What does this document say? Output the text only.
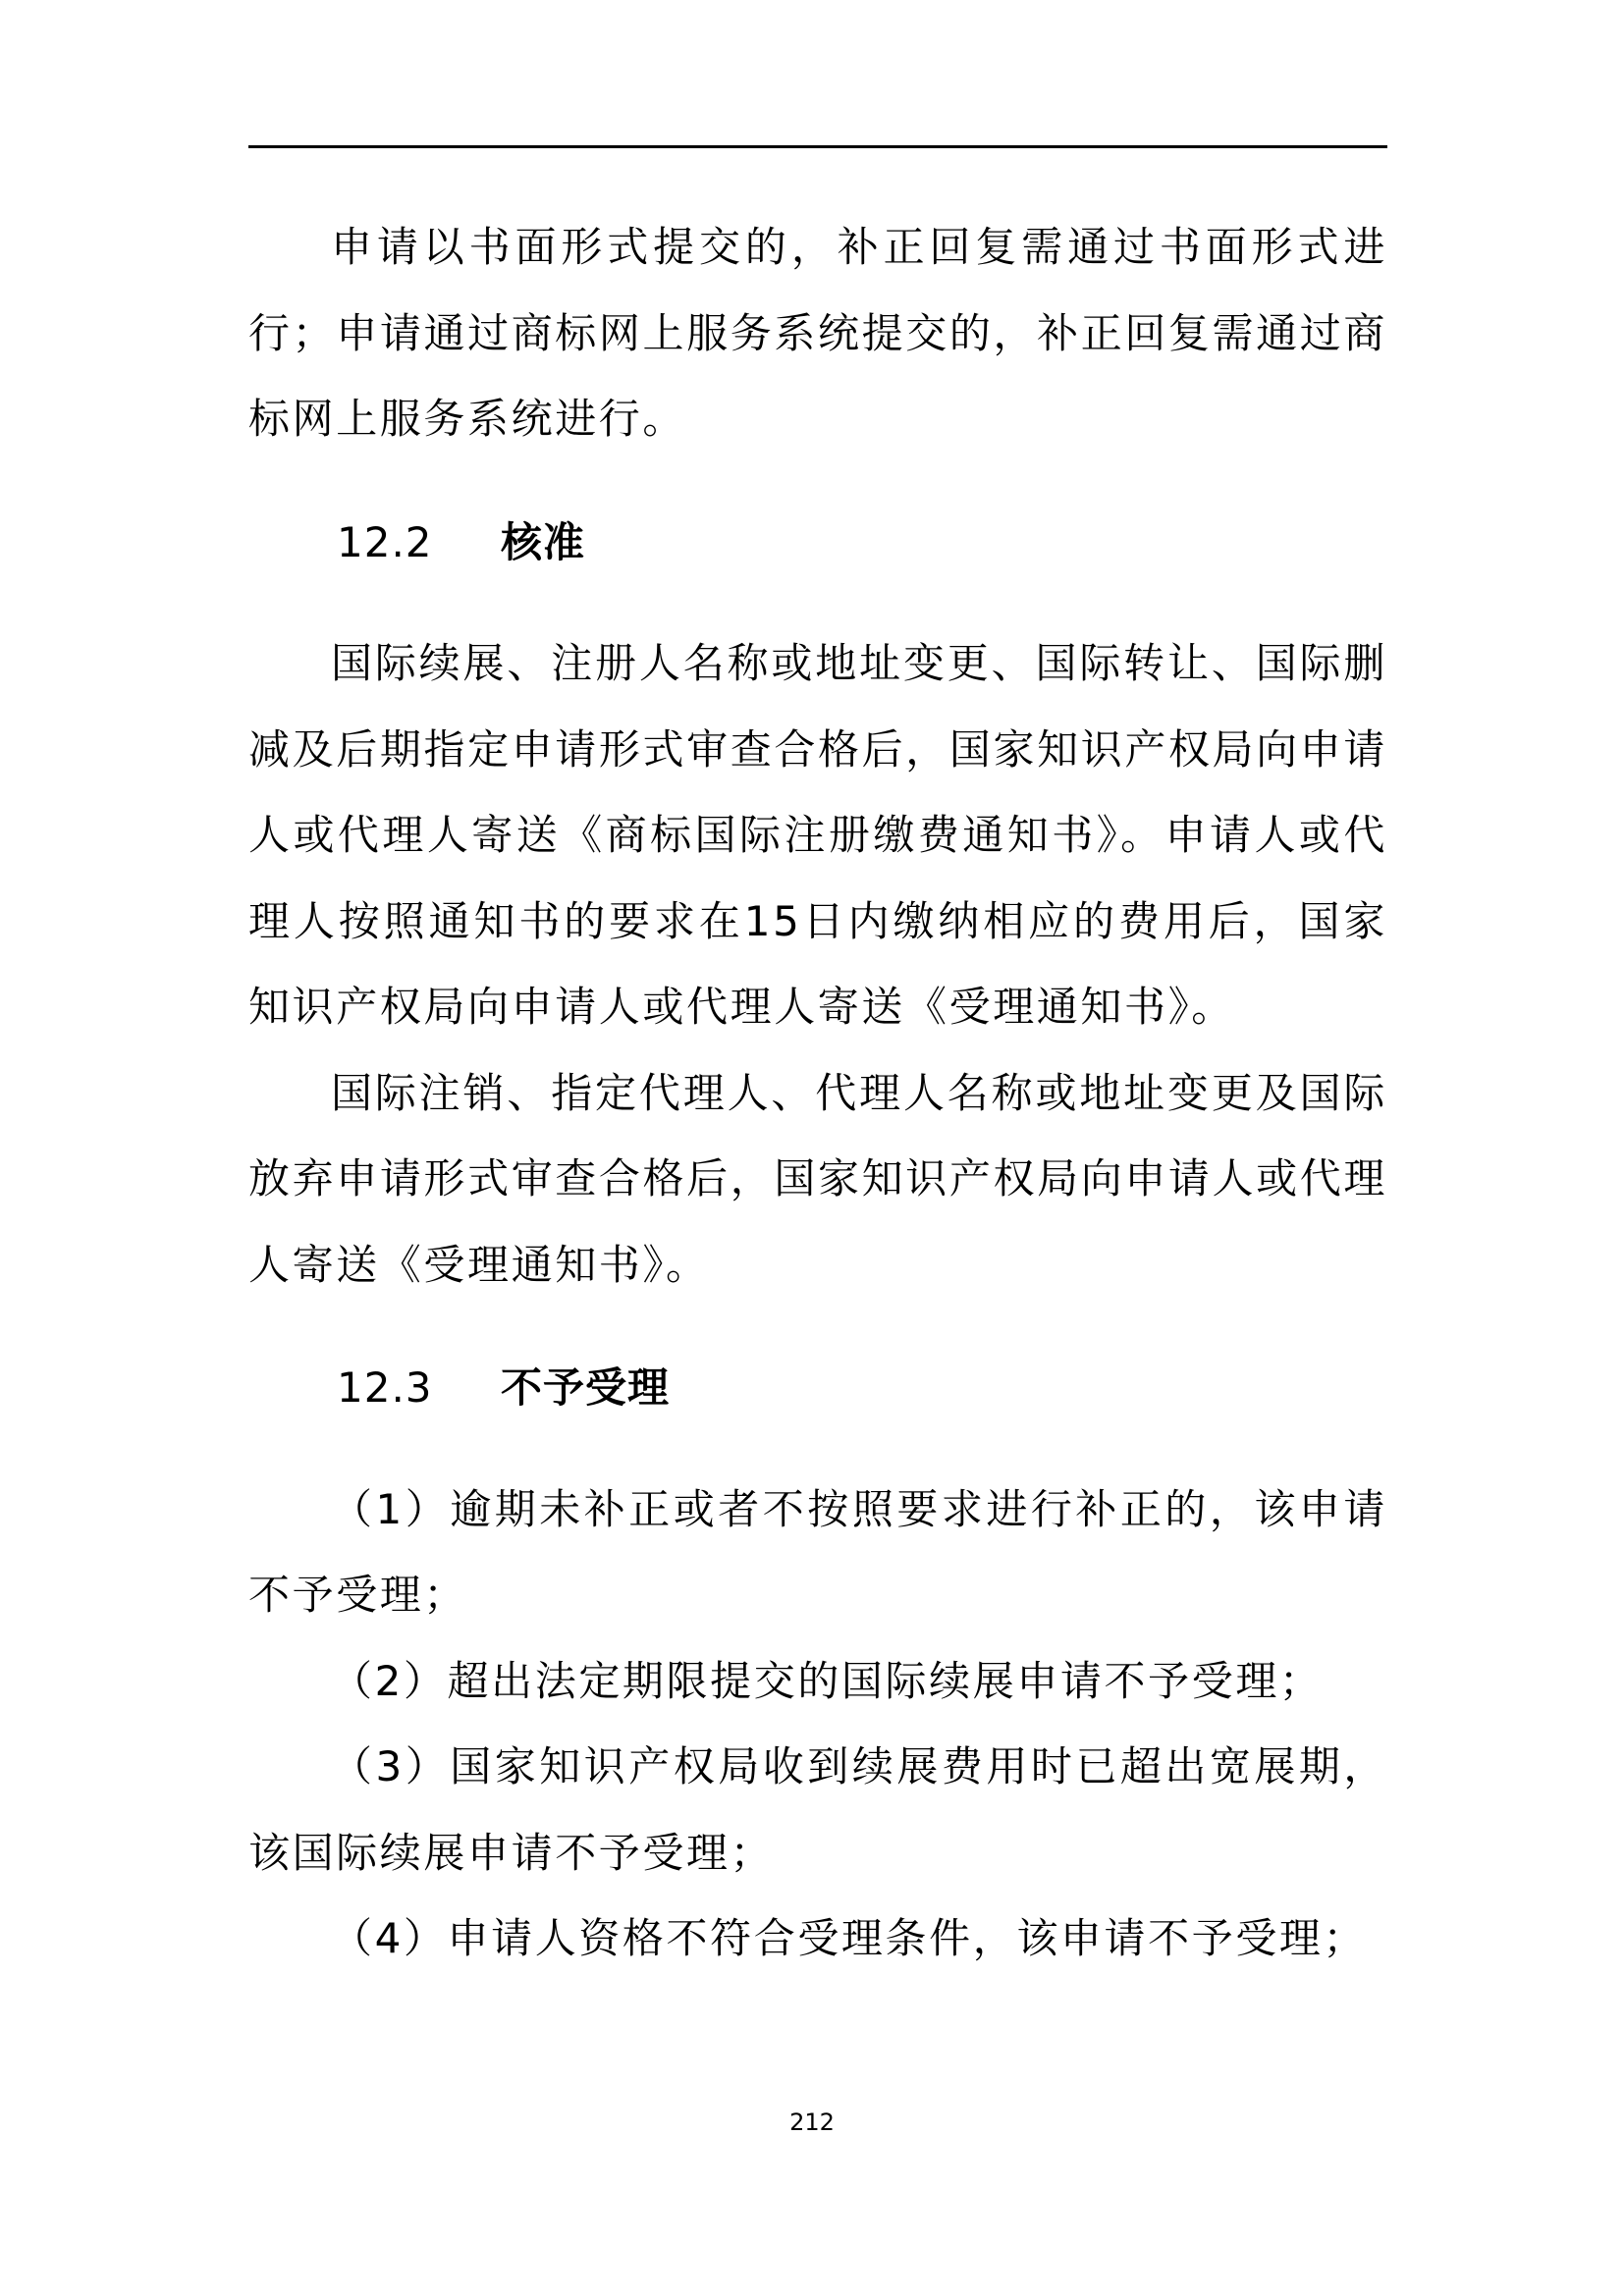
申请以书面形式提交的，补正回复需通过书面形式进行；申请通过商标网上服务系统提交的，补正回复需通过商标网上服务系统进行。

12.2 核准

国际续展、注册人名称或地址变更、国际转让、国际删减及后期指定申请形式审查合格后，国家知识产权局向申请人或代理人寄送《商标国际注册缴费通知书》。申请人或代理人按照通知书的要求在15日内缴纳相应的费用后，国家知识产权局向申请人或代理人寄送《受理通知书》。

国际注销、指定代理人、代理人名称或地址变更及国际放弃申请形式审查合格后，国家知识产权局向申请人或代理人寄送《受理通知书》。

12.3 不予受理

（1）逾期未补正或者不按照要求进行补正的，该申请不予受理；

（2）超出法定期限提交的国际续展申请不予受理；

（3）国家知识产权局收到续展费用时已超出宽展期，该国际续展申请不予受理；

（4）申请人资格不符合受理条件，该申请不予受理；

212
